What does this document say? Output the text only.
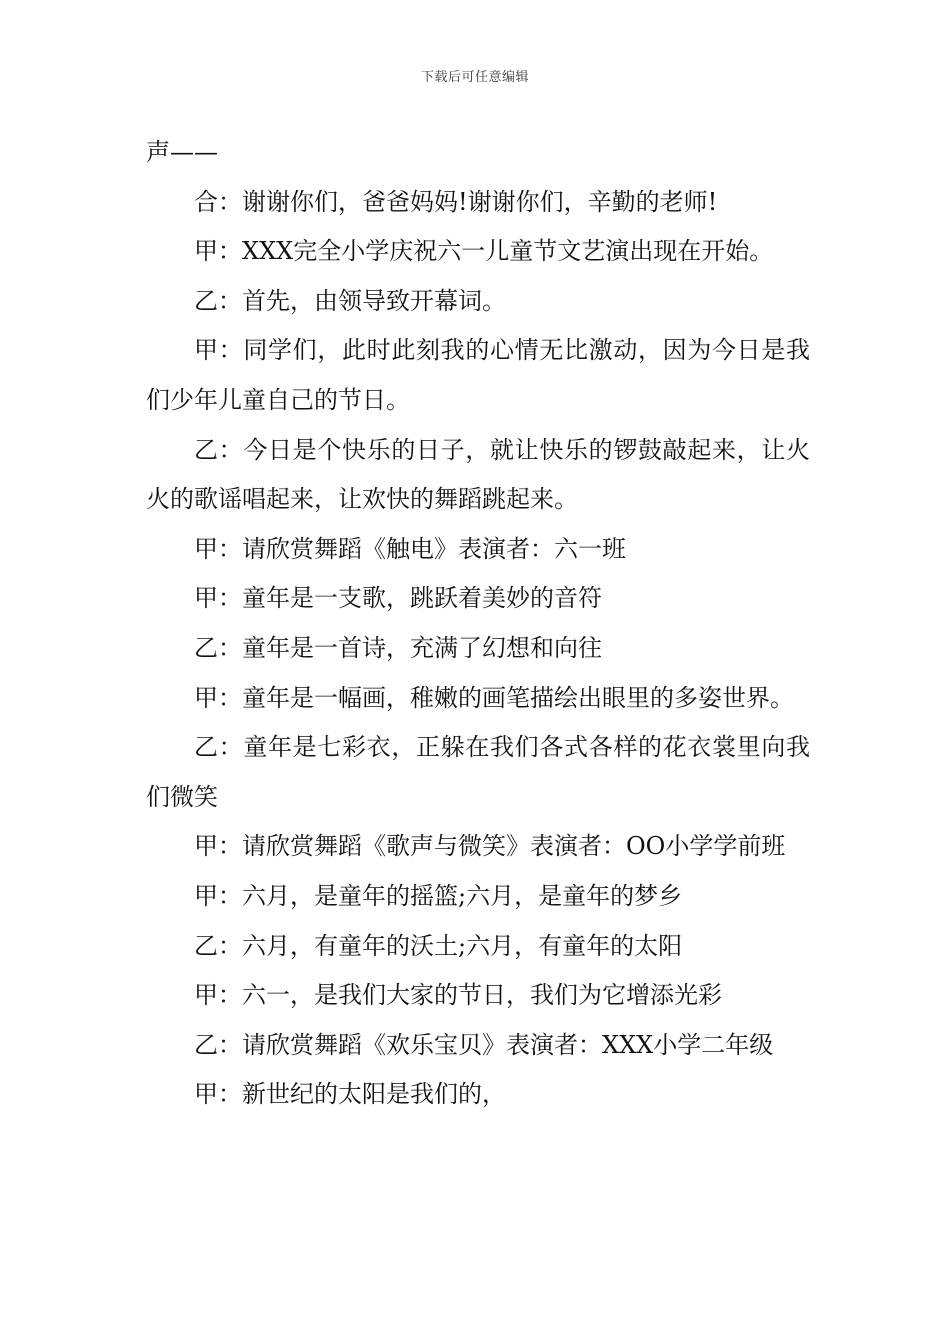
下载后可任意编辑

声——

合：谢谢你们，爸爸妈妈!谢谢你们，辛勤的老师!

甲：XXX完全小学庆祝六一儿童节文艺演出现在开始。

乙：首先，由领导致开幕词。

甲：同学们，此时此刻我的心情无比激动，因为今日是我们少年儿童自己的节日。

乙：今日是个快乐的日子，就让快乐的锣鼓敲起来，让火火的歌谣唱起来，让欢快的舞蹈跳起来。

甲：请欣赏舞蹈《触电》表演者：六一班

甲：童年是一支歌，跳跃着美妙的音符

乙：童年是一首诗，充满了幻想和向往

甲：童年是一幅画，稚嫩的画笔描绘出眼里的多姿世界。

乙：童年是七彩衣，正躲在我们各式各样的花衣裳里向我们微笑

甲：请欣赏舞蹈《歌声与微笑》表演者：OO小学学前班

甲：六月，是童年的摇篮;六月，是童年的梦乡

乙：六月，有童年的沃土;六月，有童年的太阳

甲：六一，是我们大家的节日，我们为它增添光彩

乙：请欣赏舞蹈《欢乐宝贝》表演者：XXX小学二年级

甲：新世纪的太阳是我们的，
